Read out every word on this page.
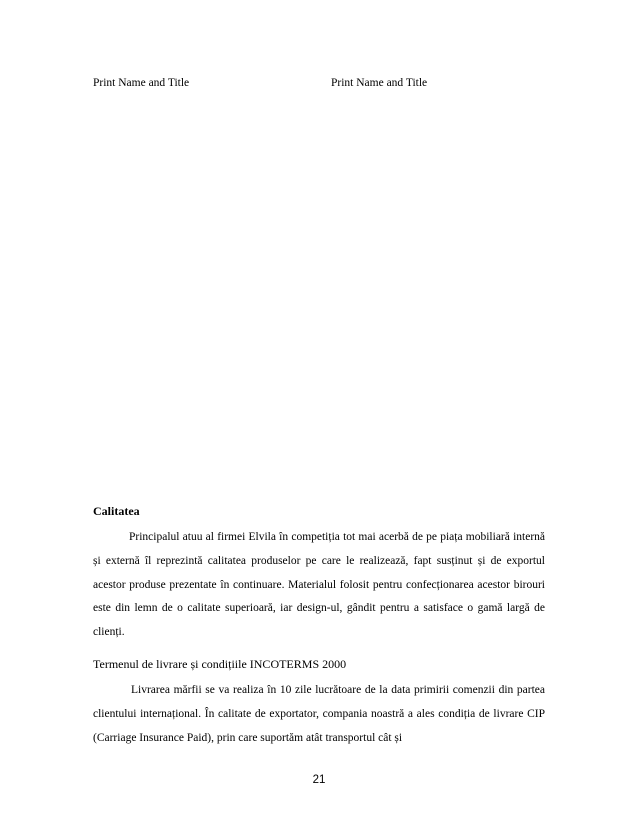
Print Name and Title	Print Name and Title
Calitatea

Principalul atuu al firmei Elvila în competiția tot mai acerbă de pe piața mobiliară internă și externă îl reprezintă calitatea produselor pe care le realizează, fapt susținut și de exportul acestor produse prezentate în continuare. Materialul folosit pentru confecționarea acestor birouri este din lemn de o calitate superioară, iar design-ul, gândit pentru a satisface o gamă largă de clienți.

Termenul de livrare și condițiile INCOTERMS 2000

Livrarea mărfii se va realiza în 10 zile lucrătoare de la data primirii comenzii din partea clientului internațional. În calitate de exportator, compania noastră a ales condiția de livrare CIP (Carriage Insurance Paid), prin care suportăm atât transportul cât și

21
